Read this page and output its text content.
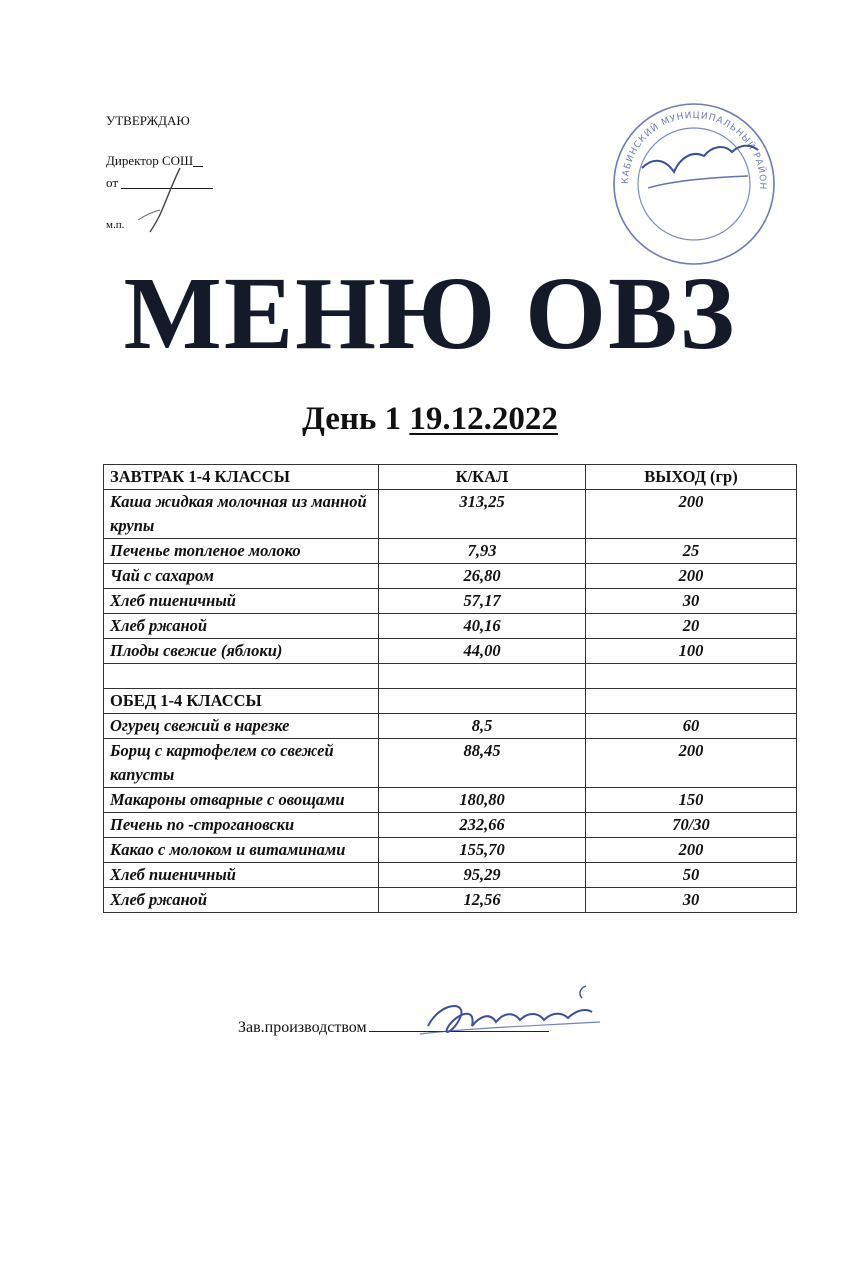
УТВЕРЖДАЮ
Директор СОШ
от
м.п.
КАБИНСКИЙ МУНИЦИПАЛЬНЫЙ РАЙОН
МЕНЮ ОВЗ
День 1 19.12.2022
ЗАВТРАК 1-4 КЛАССЫ	К/КАЛ	ВЫХОД (гр)
Каша жидкая молочная из манной крупы	313,25	200
Печенье топленое молоко	7,93	25
Чай с сахаром	26,80	200
Хлеб пшеничный	57,17	30
Хлеб ржаной	40,16	20
Плоды свежие (яблоки)	44,00	100

ОБЕД 1-4 КЛАССЫ		
Огурец свежий в нарезке	8,5	60
Борщ с картофелем со свежей капусты	88,45	200
Макароны отварные с овощами	180,80	150
Печень по -строгановски	232,66	70/30
Какао с молоком и витаминами	155,70	200
Хлеб пшеничный	95,29	50
Хлеб ржаной	12,56	30
Зав.производством
